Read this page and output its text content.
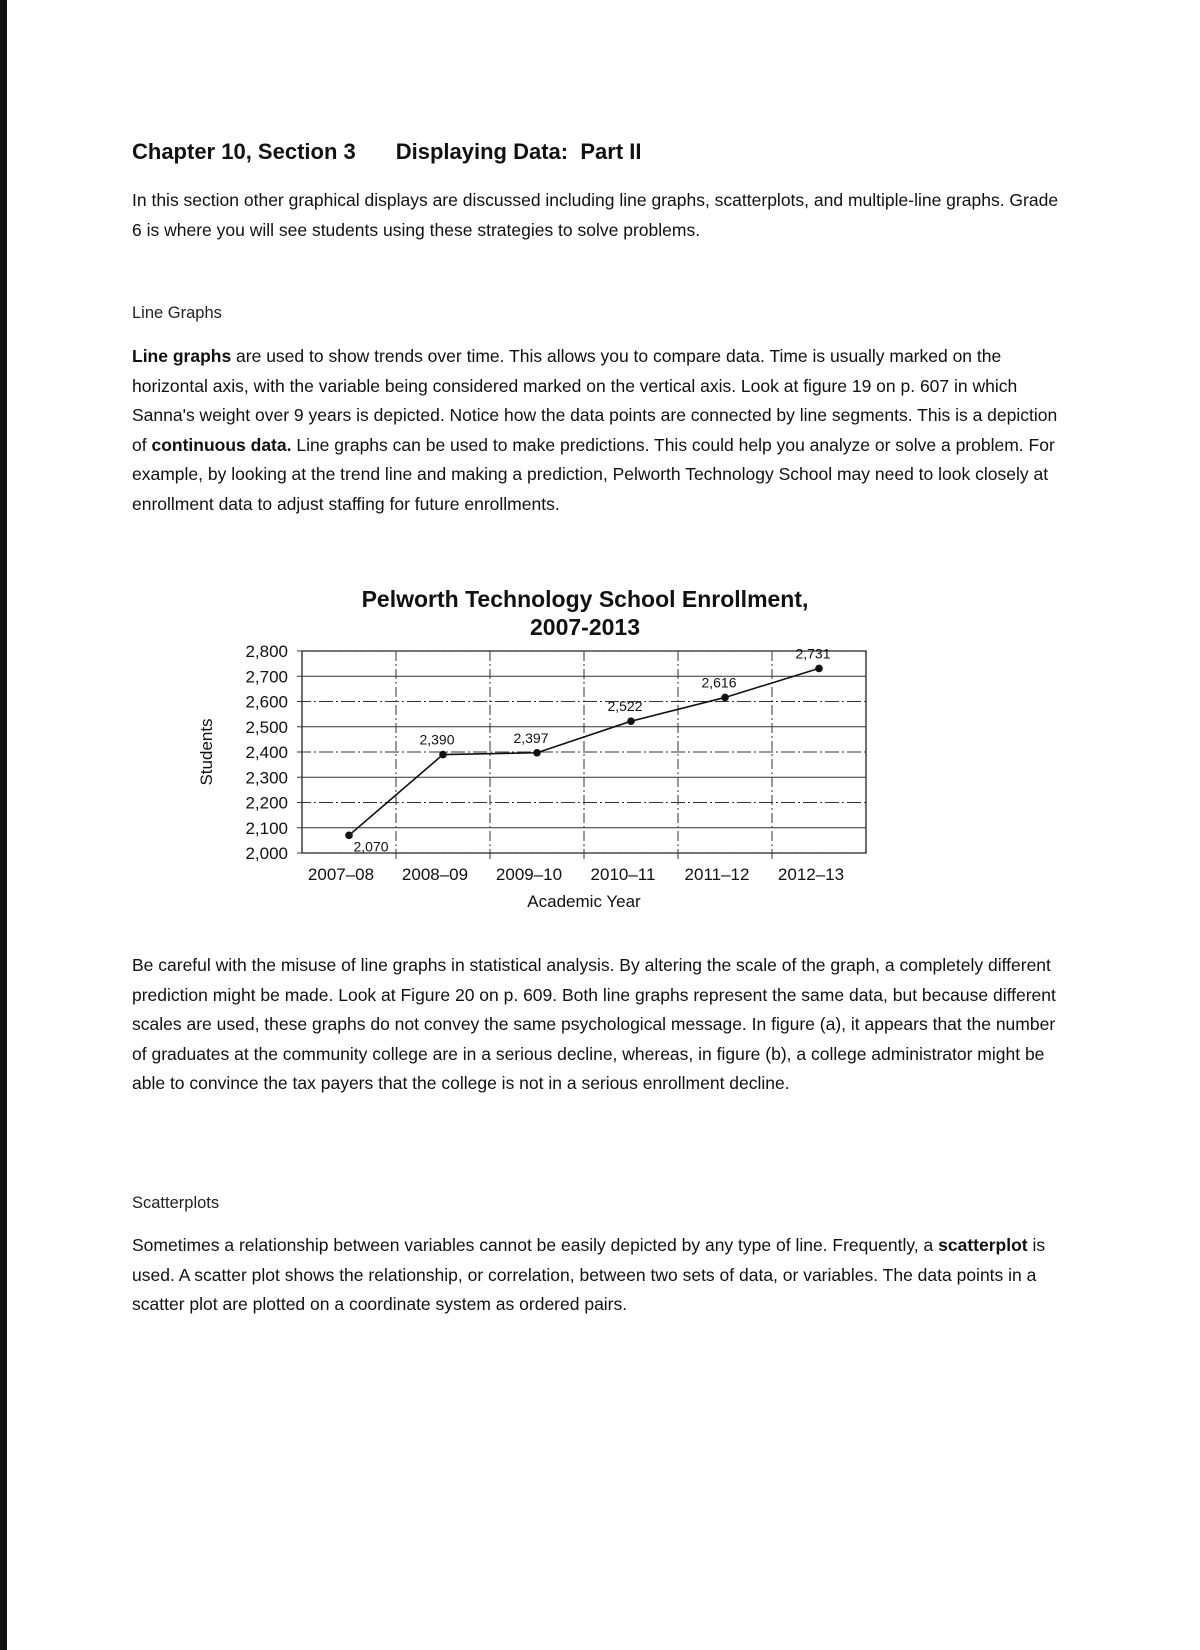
Chapter 10, Section 3 Displaying Data:  Part II
In this section other graphical displays are discussed including line graphs, scatterplots, and multiple-line graphs. Grade 6 is where you will see students using these strategies to solve problems.
Line Graphs
Line graphs are used to show trends over time. This allows you to compare data. Time is usually marked on the horizontal axis, with the variable being considered marked on the vertical axis. Look at figure 19 on p. 607 in which Sanna's weight over 9 years is depicted. Notice how the data points are connected by line segments. This is a depiction of continuous data. Line graphs can be used to make predictions. This could help you analyze or solve a problem. For example, by looking at the trend line and making a prediction, Pelworth Technology School may need to look closely at enrollment data to adjust staffing for future enrollments.
Pelworth Technology School Enrollment,
2007-2013
2,000
2,100
2,200
2,300
2,400
2,500
2,600
2,700
2,800
2007–08 2008–09 2009–10 2010–11 2011–12 2012–13
Academic Year
Students
2,070
2,390	2,397
2,522
2,616
2,731
Be careful with the misuse of line graphs in statistical analysis. By altering the scale of the graph, a completely different prediction might be made. Look at Figure 20 on p. 609. Both line graphs represent the same data, but because different scales are used, these graphs do not convey the same psychological message. In figure (a), it appears that the number of graduates at the community college are in a serious decline, whereas, in figure (b), a college administrator might be able to convince the tax payers that the college is not in a serious enrollment decline.
Scatterplots
Sometimes a relationship between variables cannot be easily depicted by any type of line. Frequently, a scatterplot is used. A scatter plot shows the relationship, or correlation, between two sets of data, or variables. The data points in a scatter plot are plotted on a coordinate system as ordered pairs.
